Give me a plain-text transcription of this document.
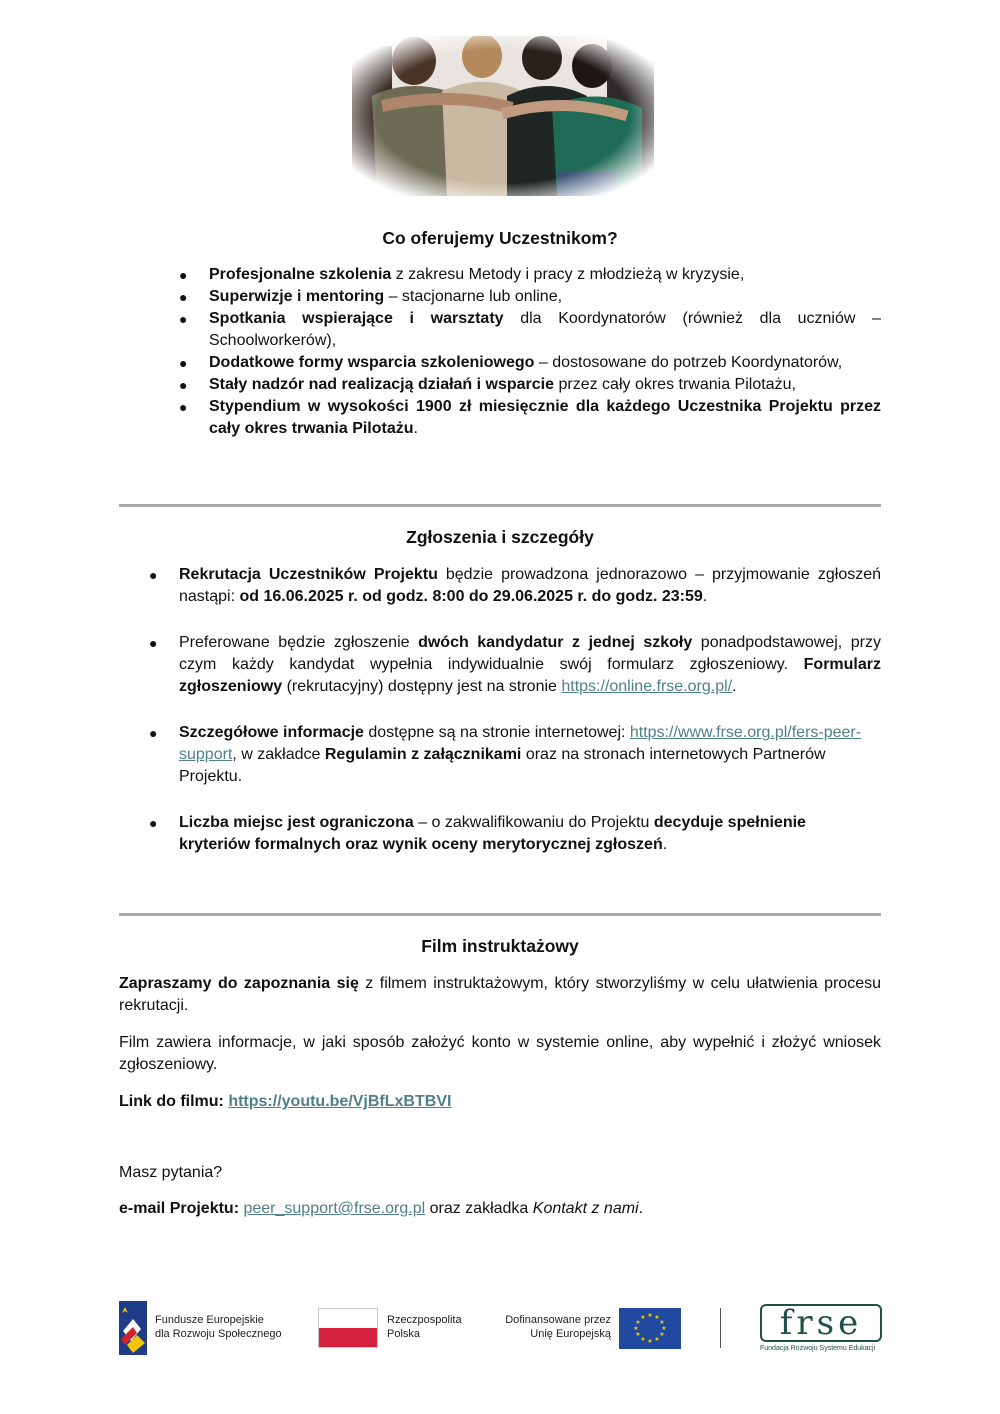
Co oferujemy Uczestnikom?
● Profesjonalne szkolenia z zakresu Metody i pracy z młodzieżą w kryzysie,
● Superwizje i mentoring – stacjonarne lub online,
● Spotkania wspierające i warsztaty dla Koordynatorów (również dla uczniów – Schoolworkerów),
● Dodatkowe formy wsparcia szkoleniowego – dostosowane do potrzeb Koordynatorów,
● Stały nadzór nad realizacją działań i wsparcie przez cały okres trwania Pilotażu,
● Stypendium w wysokości 1900 zł miesięcznie dla każdego Uczestnika Projektu przez cały okres trwania Pilotażu.
Zgłoszenia i szczegóły
● Rekrutacja Uczestników Projektu będzie prowadzona jednorazowo – przyjmowanie zgłoszeń nastąpi: od 16.06.2025 r. od godz. 8:00 do 29.06.2025 r. do godz. 23:59.
● Preferowane będzie zgłoszenie dwóch kandydatur z jednej szkoły ponadpodstawowej, przy czym każdy kandydat wypełnia indywidualnie swój formularz zgłoszeniowy. Formularz zgłoszeniowy (rekrutacyjny) dostępny jest na stronie https://online.frse.org.pl/.
● Szczegółowe informacje dostępne są na stronie internetowej: https://www.frse.org.pl/fers-peer-support, w zakładce Regulamin z załącznikami oraz na stronach internetowych Partnerów Projektu.
● Liczba miejsc jest ograniczona – o zakwalifikowaniu do Projektu decyduje spełnienie kryteriów formalnych oraz wynik oceny merytorycznej zgłoszeń.
Film instruktażowy

Zapraszamy do zapoznania się z filmem instruktażowym, który stworzyliśmy w celu ułatwienia procesu rekrutacji.

Film zawiera informacje, w jaki sposób założyć konto w systemie online, aby wypełnić i złożyć wniosek zgłoszeniowy.

Link do filmu: https://youtu.be/VjBfLxBTBVI

Masz pytania?

e-mail Projektu: peer_support@frse.org.pl oraz zakładka Kontakt z nami.

Fundusze Europejskie
dla Rozwoju Społecznego
Rzeczpospolita
Polska
Dofinansowane przez
Unię Europejską
★ ★
★
★
★
★
★
★
★
★
★
★	frse
Fundacja Rozwoju Systemu Edukacji
